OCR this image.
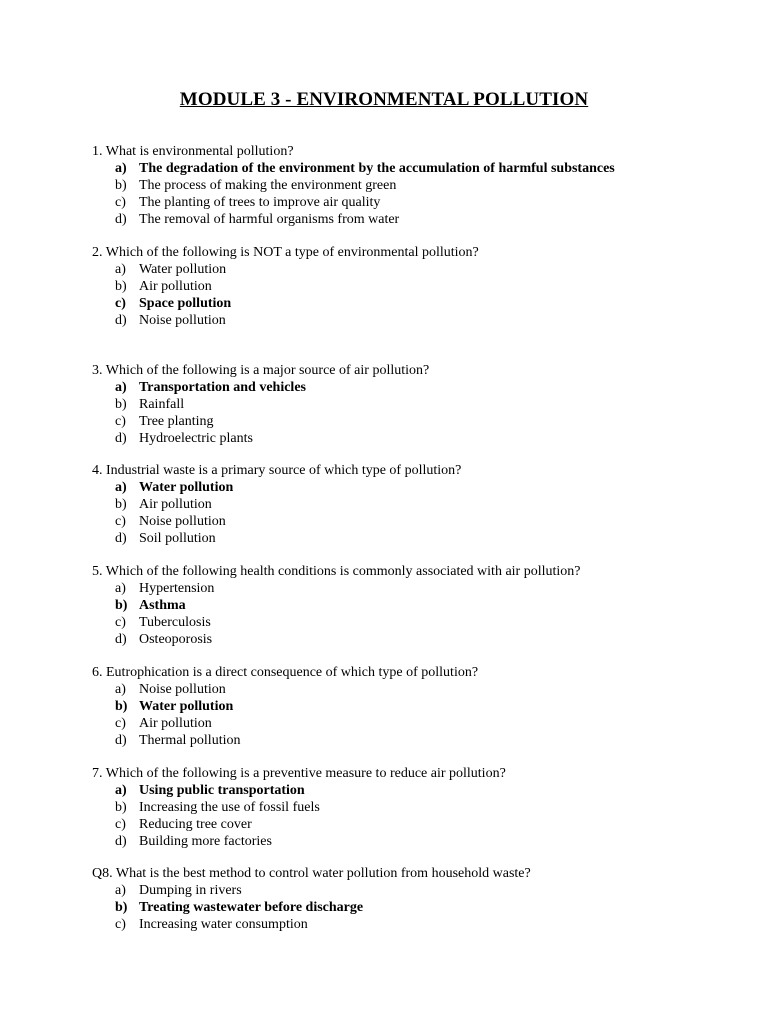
MODULE 3 - ENVIRONMENTAL POLLUTION
1. What is environmental pollution?
a) The degradation of the environment by the accumulation of harmful substances
b) The process of making the environment green
c) The planting of trees to improve air quality
d) The removal of harmful organisms from water
2. Which of the following is NOT a type of environmental pollution?
a) Water pollution
b) Air pollution
c) Space pollution
d) Noise pollution
3. Which of the following is a major source of air pollution?
a) Transportation and vehicles
b) Rainfall
c) Tree planting
d) Hydroelectric plants
4. Industrial waste is a primary source of which type of pollution?
a) Water pollution
b) Air pollution
c) Noise pollution
d) Soil pollution
5. Which of the following health conditions is commonly associated with air pollution?
a) Hypertension
b) Asthma
c) Tuberculosis
d) Osteoporosis
6. Eutrophication is a direct consequence of which type of pollution?
a) Noise pollution
b) Water pollution
c) Air pollution
d) Thermal pollution
7. Which of the following is a preventive measure to reduce air pollution?
a) Using public transportation
b) Increasing the use of fossil fuels
c) Reducing tree cover
d) Building more factories
Q8. What is the best method to control water pollution from household waste?
a) Dumping in rivers
b) Treating wastewater before discharge
c) Increasing water consumption
